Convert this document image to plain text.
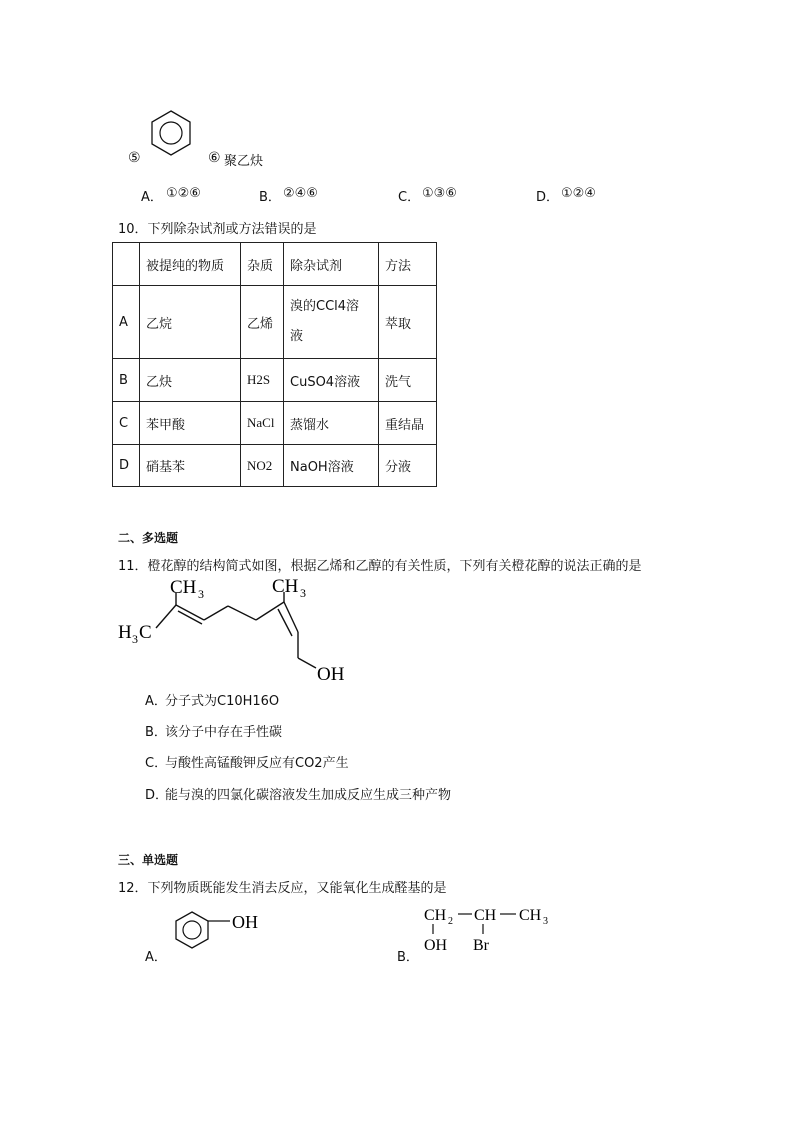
⑤	⑥ 聚乙炔
A． ①②⑥	B． ②④⑥	C． ①③⑥	D． ①②④
10．下列除杂试剂或方法错误的是
	被提纯的物质	杂质	除杂试剂	方法
A	乙烷	乙烯	溴的CCl4溶
液	萃取
B	乙炔	H2S	CuSO4溶液	洗气
C	苯甲酸	NaCl	蒸馏水	重结晶
D	硝基苯	NO2	NaOH溶液	分液
二、多选题
11．橙花醇的结构简式如图，根据乙烯和乙醇的有关性质，下列有关橙花醇的说法正确的是
CH 3
H 3 C
CH 3
OH
A．
分子式为C10H16O
B．
该分子中存在手性碳
C．
与酸性高锰酸钾反应有CO2产生
D．
能与溴的四氯化碳溶液发生加成反应生成三种产物
三、单选题
12．下列物质既能发生消去反应，又能氧化生成醛基的是
A．
OH
B．
CH 2 CH CH 3
OH Br
